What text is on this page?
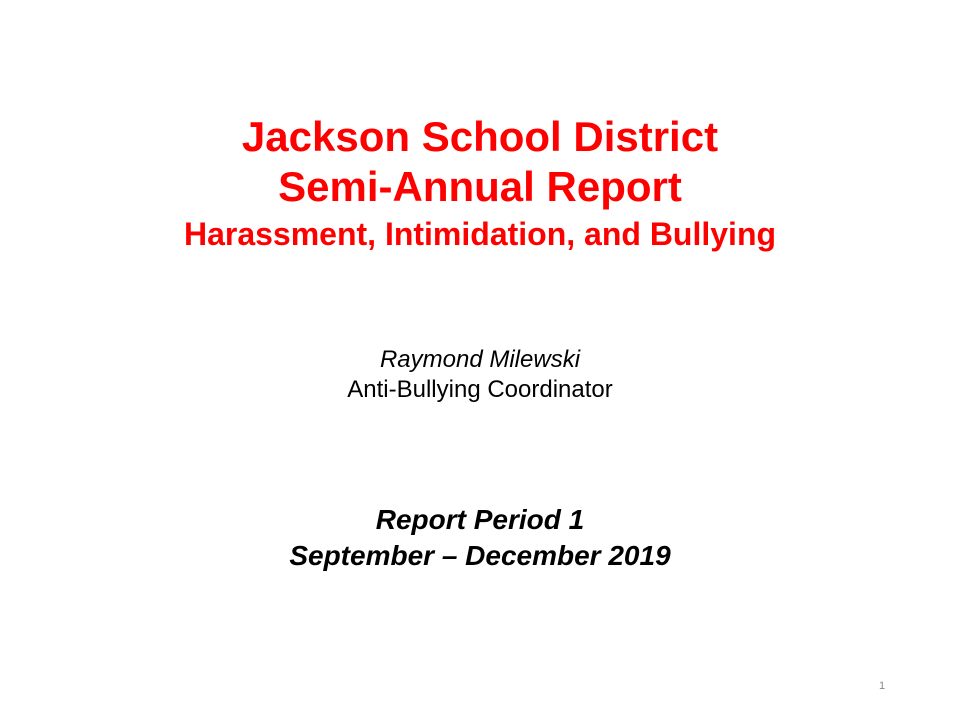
Jackson School District
Semi-Annual Report
Harassment, Intimidation, and Bullying
Raymond Milewski
Anti-Bullying Coordinator
Report Period 1
September – December 2019
1
